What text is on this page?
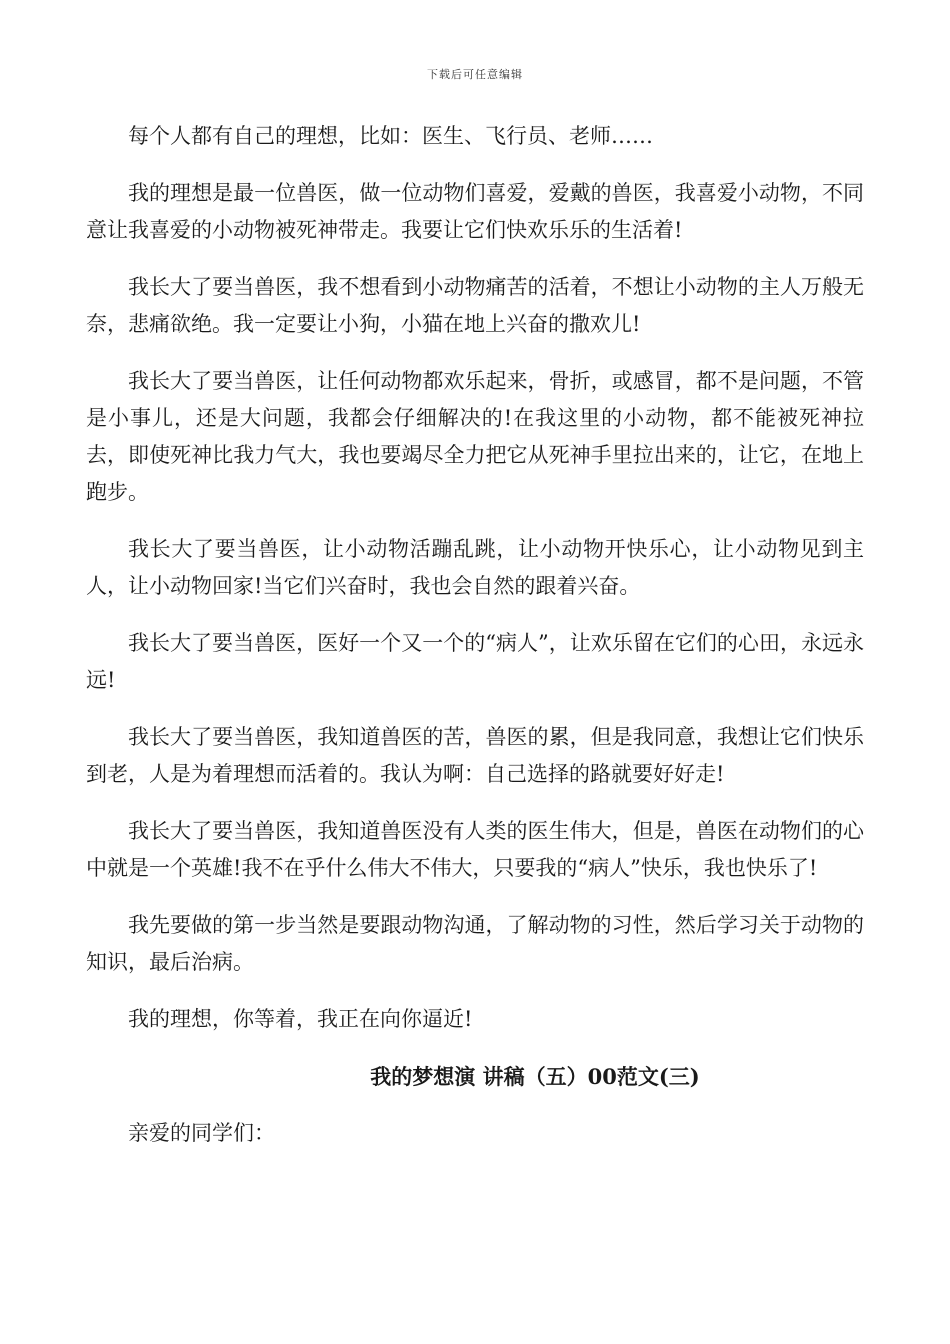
下载后可任意编辑

每个人都有自己的理想，比如：医生、飞行员、老师……

我的理想是最一位兽医，做一位动物们喜爱，爱戴的兽医，我喜爱小动物，不同意让我喜爱的小动物被死神带走。我要让它们快欢乐乐的生活着!

我长大了要当兽医，我不想看到小动物痛苦的活着，不想让小动物的主人万般无奈，悲痛欲绝。我一定要让小狗，小猫在地上兴奋的撒欢儿!

我长大了要当兽医，让任何动物都欢乐起来，骨折，或感冒，都不是问题，不管是小事儿，还是大问题，我都会仔细解决的!在我这里的小动物，都不能被死神拉去，即使死神比我力气大，我也要竭尽全力把它从死神手里拉出来的，让它，在地上跑步。

我长大了要当兽医，让小动物活蹦乱跳，让小动物开快乐心，让小动物见到主人，让小动物回家!当它们兴奋时，我也会自然的跟着兴奋。

我长大了要当兽医，医好一个又一个的“病人”，让欢乐留在它们的心田，永远永远!

我长大了要当兽医，我知道兽医的苦，兽医的累，但是我同意，我想让它们快乐到老，人是为着理想而活着的。我认为啊：自己选择的路就要好好走!

我长大了要当兽医，我知道兽医没有人类的医生伟大，但是，兽医在动物们的心中就是一个英雄!我不在乎什么伟大不伟大，只要我的“病人”快乐，我也快乐了!

我先要做的第一步当然是要跟动物沟通，了解动物的习性，然后学习关于动物的知识，最后治病。

我的理想，你等着，我正在向你逼近!

我的梦想演 讲稿（五）00范文(三)

亲爱的同学们：
